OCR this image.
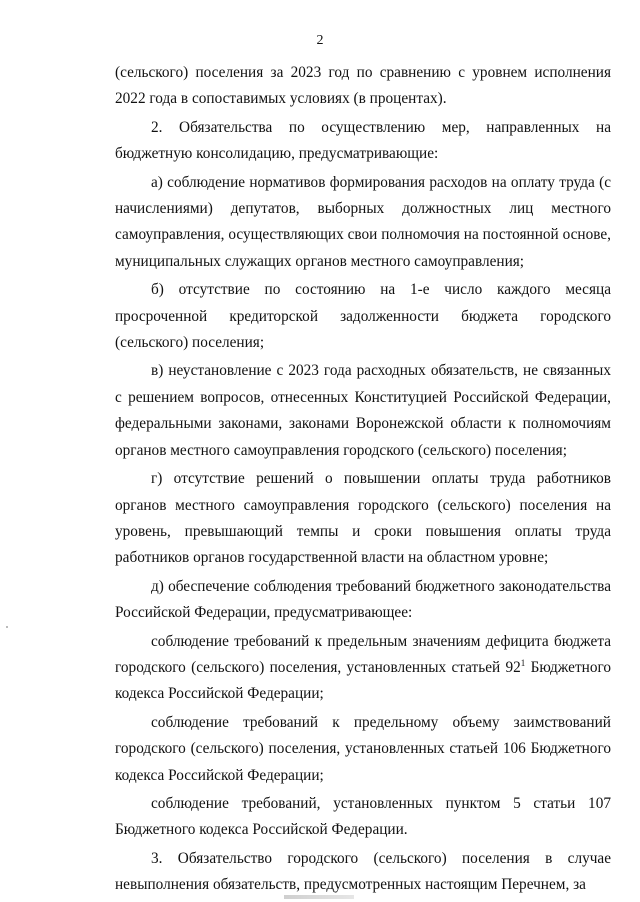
2

(сельского) поселения за 2023 год по сравнению с уровнем исполнения 2022 года в сопоставимых условиях (в процентах).

2. Обязательства по осуществлению мер, направленных на бюджетную консолидацию, предусматривающие:

а) соблюдение нормативов формирования расходов на оплату труда (с начислениями) депутатов, выборных должностных лиц местного самоуправления, осуществляющих свои полномочия на постоянной основе, муниципальных служащих органов местного самоуправления;

б) отсутствие по состоянию на 1-е число каждого месяца просроченной кредиторской задолженности бюджета городского (сельского) поселения;

в) неустановление с 2023 года расходных обязательств, не связанных с решением вопросов, отнесенных Конституцией Российской Федерации, федеральными законами, законами Воронежской области к полномочиям органов местного самоуправления городского (сельского) поселения;

г) отсутствие решений о повышении оплаты труда работников органов местного самоуправления городского (сельского) поселения на уровень, превышающий темпы и сроки повышения оплаты труда работников органов государственной власти на областном уровне;

д) обеспечение соблюдения требований бюджетного законодательства Российской Федерации, предусматривающее:

соблюдение требований к предельным значениям дефицита бюджета городского (сельского) поселения, установленных статьей $92^1$ Бюджетного кодекса Российской Федерации;

соблюдение требований к предельному объему заимствований городского (сельского) поселения, установленных статьей 106 Бюджетного кодекса Российской Федерации;

соблюдение требований, установленных пунктом 5 статьи 107 Бюджетного кодекса Российской Федерации.

3. Обязательство городского (сельского) поселения в случае невыполнения обязательств, предусмотренных настоящим Перечнем, за
